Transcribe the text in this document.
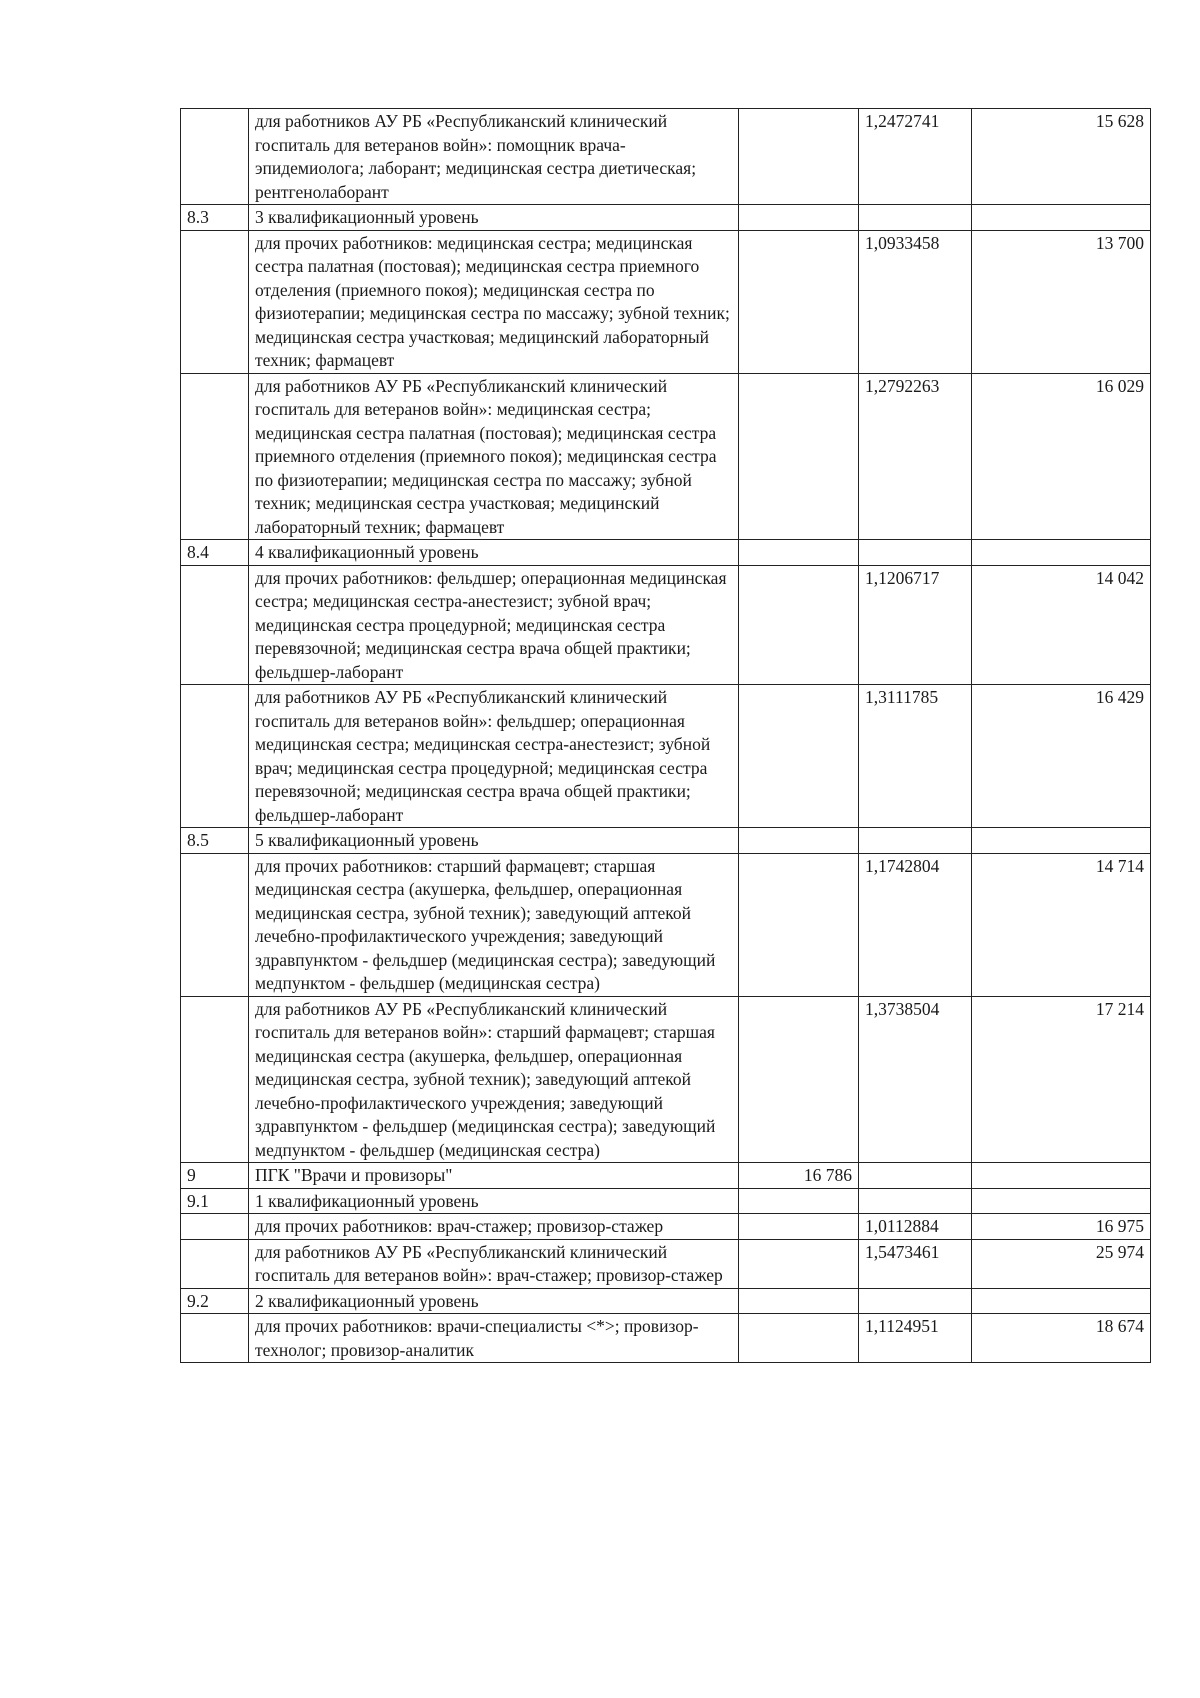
	для работников АУ РБ «Республиканский клинический госпиталь для ветеранов войн»: помощник врача-эпидемиолога; лаборант; медицинская сестра диетическая; рентгенолаборант		1,2472741	15 628
8.3	3 квалификационный уровень			
	для прочих работников: медицинская сестра; медицинская сестра палатная (постовая); медицинская сестра приемного отделения (приемного покоя); медицинская сестра по физиотерапии; медицинская сестра по массажу; зубной техник; медицинская сестра участковая; медицинский лабораторный техник; фармацевт		1,0933458	13 700
	для работников АУ РБ «Республиканский клинический госпиталь для ветеранов войн»: медицинская сестра; медицинская сестра палатная (постовая); медицинская сестра приемного отделения (приемного покоя); медицинская сестра по физиотерапии; медицинская сестра по массажу; зубной техник; медицинская сестра участковая; медицинский лабораторный техник; фармацевт		1,2792263	16 029
8.4	4 квалификационный уровень			
	для прочих работников: фельдшер; операционная медицинская сестра; медицинская сестра-анестезист; зубной врач; медицинская сестра процедурной; медицинская сестра перевязочной; медицинская сестра врача общей практики; фельдшер-лаборант		1,1206717	14 042
	для работников АУ РБ «Республиканский клинический госпиталь для ветеранов войн»: фельдшер; операционная медицинская сестра; медицинская сестра-анестезист; зубной врач; медицинская сестра процедурной; медицинская сестра перевязочной; медицинская сестра врача общей практики; фельдшер-лаборант		1,3111785	16 429
8.5	5 квалификационный уровень			
	для прочих работников: старший фармацевт; старшая медицинская сестра (акушерка, фельдшер, операционная медицинская сестра, зубной техник); заведующий аптекой лечебно-профилактического учреждения; заведующий здравпунктом - фельдшер (медицинская сестра); заведующий медпунктом - фельдшер (медицинская сестра)		1,1742804	14 714
	для работников АУ РБ «Республиканский клинический госпиталь для ветеранов войн»: старший фармацевт; старшая медицинская сестра (акушерка, фельдшер, операционная медицинская сестра, зубной техник); заведующий аптекой лечебно-профилактического учреждения; заведующий здравпунктом - фельдшер (медицинская сестра); заведующий медпунктом - фельдшер (медицинская сестра)		1,3738504	17 214
9	ПГК "Врачи и провизоры"	16 786		
9.1	1 квалификационный уровень			
	для прочих работников: врач-стажер; провизор-стажер		1,0112884	16 975
	для работников АУ РБ «Республиканский клинический госпиталь для ветеранов войн»: врач-стажер; провизор-стажер		1,5473461	25 974
9.2	2 квалификационный уровень			
	для прочих работников: врачи-специалисты <*>; провизор-технолог; провизор-аналитик		1,1124951	18 674
